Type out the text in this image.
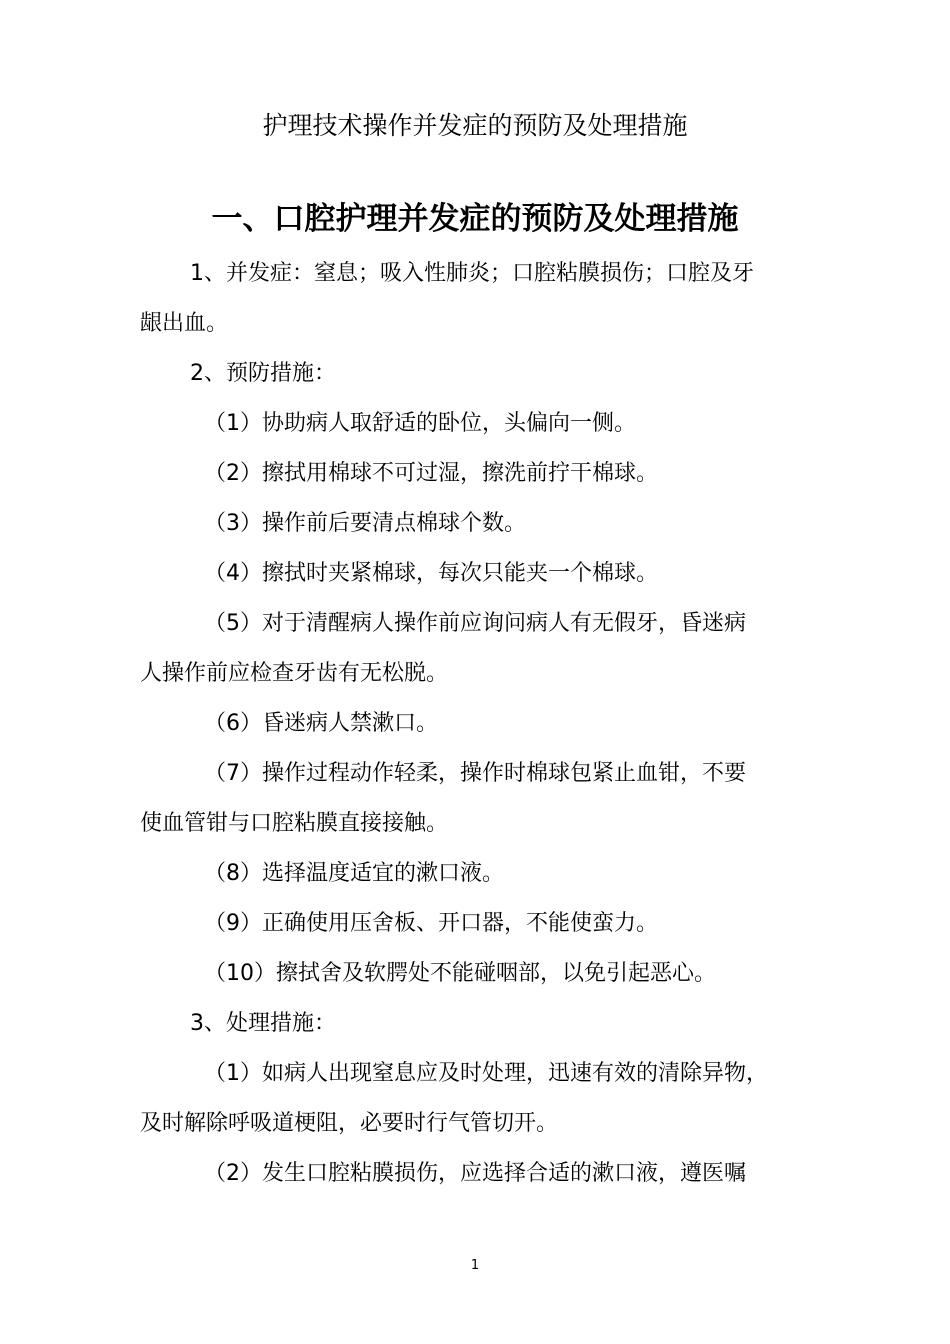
护理技术操作并发症的预防及处理措施
一、口腔护理并发症的预防及处理措施

1、并发症：窒息；吸入性肺炎；口腔粘膜损伤；口腔及牙

龈出血。

2、预防措施：

（1）协助病人取舒适的卧位，头偏向一侧。

（2）擦拭用棉球不可过湿，擦洗前拧干棉球。

（3）操作前后要清点棉球个数。

（4）擦拭时夹紧棉球，每次只能夹一个棉球。

（5）对于清醒病人操作前应询问病人有无假牙，昏迷病

人操作前应检查牙齿有无松脱。

（6）昏迷病人禁漱口。

（7）操作过程动作轻柔，操作时棉球包紧止血钳，不要

使血管钳与口腔粘膜直接接触。

（8）选择温度适宜的漱口液。

（9）正确使用压舍板、开口器，不能使蛮力。

（10）擦拭舍及软腭处不能碰咽部，以免引起恶心。

3、处理措施：

（1）如病人出现窒息应及时处理，迅速有效的清除异物，

及时解除呼吸道梗阻，必要时行气管切开。

（2）发生口腔粘膜损伤，应选择合适的漱口液，遵医嘱

1
